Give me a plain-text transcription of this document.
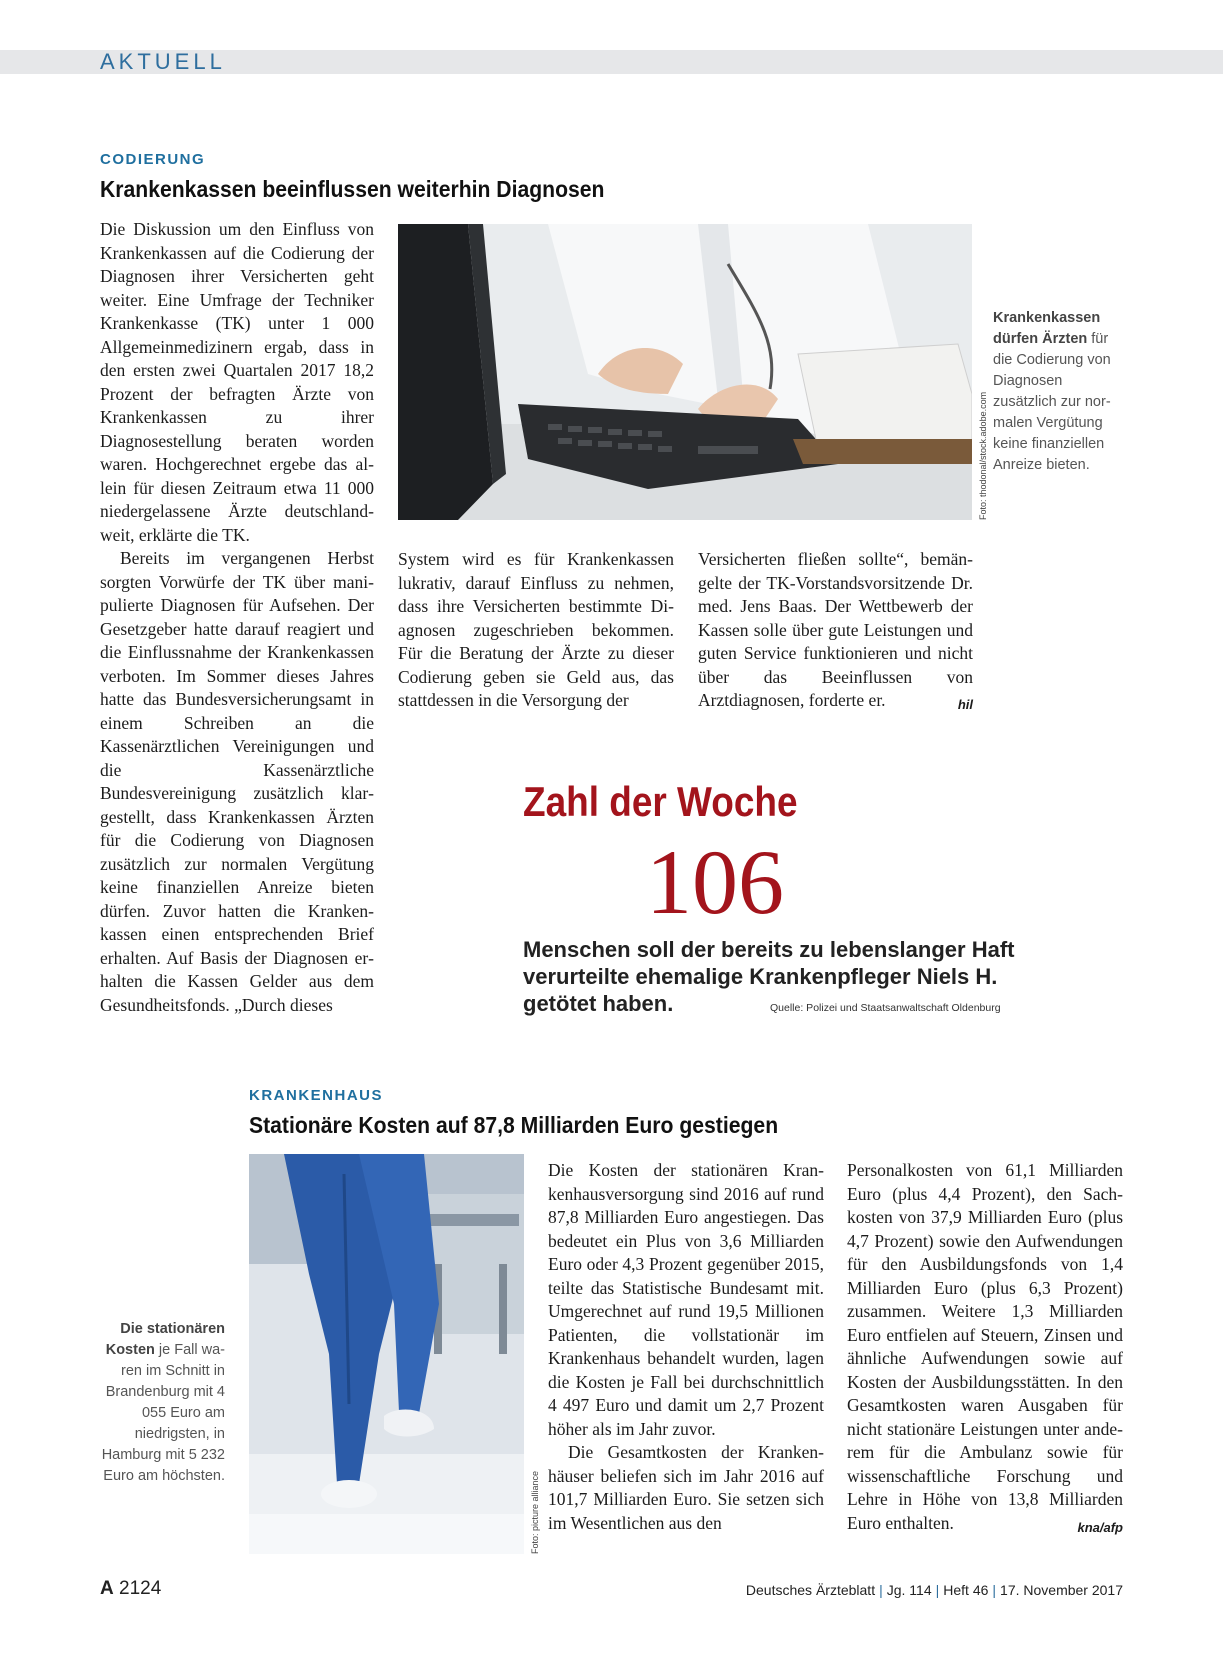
AKTUELL
CODIERUNG
Krankenkassen beeinflussen weiterhin Diagnosen

Die Diskussion um den Einfluss von Krankenkassen auf die Codierung der Diagnosen ihrer Versicherten geht weiter. Eine Umfrage der Techniker Krankenkasse (TK) unter 1 000 Allgemeinmedizinern ergab, dass in den ersten zwei Quartalen 2017 18,2 Prozent der befragten Ärzte von Krankenkassen zu ihrer Diagnosestellung beraten worden waren. Hochgerechnet ergebe das allein für diesen Zeitraum etwa 11 000 niedergelassene Ärzte deutschlandweit, erklärte die TK.

Bereits im vergangenen Herbst sorgten Vorwürfe der TK über manipulierte Diagnosen für Aufsehen. Der Gesetzgeber hatte darauf reagiert und die Einflussnahme der Krankenkassen verboten. Im Sommer dieses Jahres hatte das Bundesversicherungsamt in einem Schreiben an die Kassenärztlichen Vereinigungen und die Kassenärztliche Bundesvereinigung zusätzlich klargestellt, dass Krankenkassen Ärzten für die Codierung von Diagnosen zusätzlich zur normalen Vergütung keine finanziellen Anreize bieten dürfen. Zuvor hatten die Krankenkassen einen entsprechenden Brief erhalten. Auf Basis der Diagnosen erhalten die Kassen Gelder aus dem Gesundheitsfonds. „Durch dieses

Foto: thodonal/stock.adobe.com
Krankenkassen dürfen Ärzten für die Codierung von Diagnosen zusätzlich zur normalen Vergütung keine finanziellen Anreize bieten.

System wird es für Krankenkassen lukrativ, darauf Einfluss zu nehmen, dass ihre Versicherten bestimmte Diagnosen zugeschrieben bekommen. Für die Beratung der Ärzte zu dieser Codierung geben sie Geld aus, das stattdessen in die Versorgung der

Versicherten fließen sollte“, bemängelte der TK-Vorstandsvorsitzende Dr. med. Jens Baas. Der Wettbewerb der Kassen solle über gute Leistungen und guten Service funktionieren und nicht über das Beeinflussen von Arztdiagnosen, forderte er.	hil

Zahl der Woche
106
Menschen soll der bereits zu lebenslanger Haft verurteilte ehemalige Krankenpfleger Niels H. getötet haben.	Quelle: Polizei und Staatsanwaltschaft Oldenburg
KRANKENHAUS
Stationäre Kosten auf 87,8 Milliarden Euro gestiegen
Die stationären Kosten je Fall waren im Schnitt in Brandenburg mit 4 055 Euro am niedrigsten, in Hamburg mit 5 232 Euro am höchsten.	Foto: picture alliance

Die Kosten der stationären Krankenhausversorgung sind 2016 auf rund 87,8 Milliarden Euro angestiegen. Das bedeutet ein Plus von 3,6 Milliarden Euro oder 4,3 Prozent gegenüber 2015, teilte das Statistische Bundesamt mit. Umgerechnet auf rund 19,5 Millionen Patienten, die vollstationär im Krankenhaus behandelt wurden, lagen die Kosten je Fall bei durchschnittlich 4 497 Euro und damit um 2,7 Prozent höher als im Jahr zuvor.

Die Gesamtkosten der Krankenhäuser beliefen sich im Jahr 2016 auf 101,7 Milliarden Euro. Sie setzen sich im Wesentlichen aus den

Personalkosten von 61,1 Milliarden Euro (plus 4,4 Prozent), den Sachkosten von 37,9 Milliarden Euro (plus 4,7 Prozent) sowie den Aufwendungen für den Ausbildungsfonds von 1,4 Milliarden Euro (plus 6,3 Prozent) zusammen. Weitere 1,3 Milliarden Euro entfielen auf Steuern, Zinsen und ähnliche Aufwendungen sowie auf Kosten der Ausbildungsstätten. In den Gesamtkosten waren Ausgaben für nicht stationäre Leistungen unter anderem für die Ambulanz sowie für wissenschaftliche Forschung und Lehre in Höhe von 13,8 Milliarden Euro enthalten.	kna/afp

A 2124	Deutsches Ärzteblatt | Jg. 114 | Heft 46 | 17. November 2017
